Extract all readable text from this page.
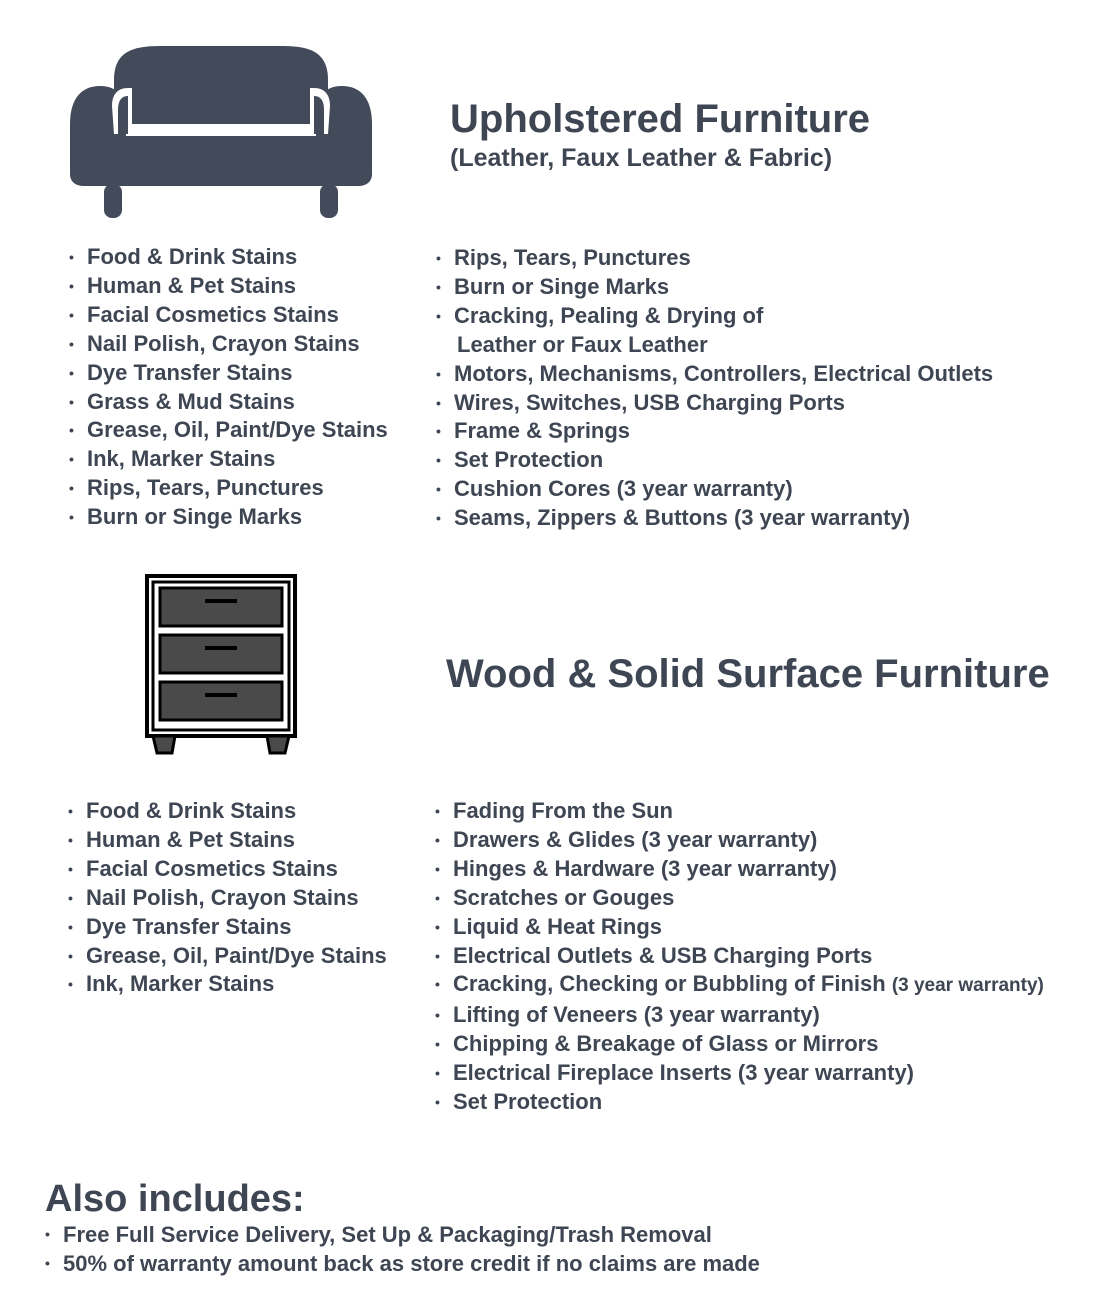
Upholstered Furniture
(Leather, Faux Leather & Fabric)
• Food & Drink Stains
• Human & Pet Stains
• Facial Cosmetics Stains
• Nail Polish, Crayon Stains
• Dye Transfer Stains
• Grass & Mud Stains
• Grease, Oil, Paint/Dye Stains
• Ink, Marker Stains
• Rips, Tears, Punctures
• Burn or Singe Marks
• Rips, Tears, Punctures
• Burn or Singe Marks
• Cracking, Pealing & Drying of
Leather or Faux Leather
• Motors, Mechanisms, Controllers, Electrical Outlets
• Wires, Switches, USB Charging Ports
• Frame & Springs
• Set Protection
• Cushion Cores (3 year warranty)
• Seams, Zippers & Buttons (3 year warranty)
Wood & Solid Surface Furniture
• Food & Drink Stains
• Human & Pet Stains
• Facial Cosmetics Stains
• Nail Polish, Crayon Stains
• Dye Transfer Stains
• Grease, Oil, Paint/Dye Stains
• Ink, Marker Stains
• Fading From the Sun
• Drawers & Glides (3 year warranty)
• Hinges & Hardware (3 year warranty)
• Scratches or Gouges
• Liquid & Heat Rings
• Electrical Outlets & USB Charging Ports
• Cracking, Checking or Bubbling of Finish (3 year warranty)
• Lifting of Veneers (3 year warranty)
• Chipping & Breakage of Glass or Mirrors
• Electrical Fireplace Inserts (3 year warranty)
• Set Protection
Also includes:
• Free Full Service Delivery, Set Up & Packaging/Trash Removal
• 50% of warranty amount back as store credit if no claims are made
